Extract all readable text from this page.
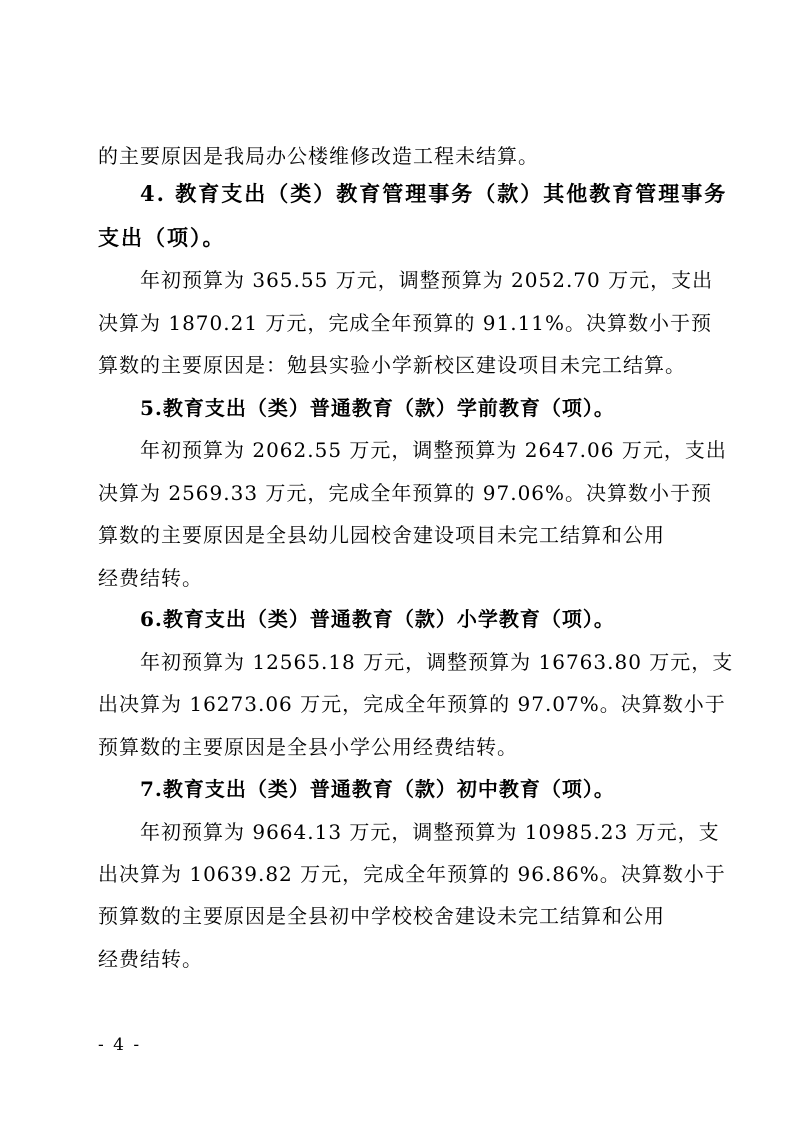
的主要原因是我局办公楼维修改造工程未结算。
4. 教育支出（类）教育管理事务（款）其他教育管理事务
支出（项）。
年初预算为 365.55 万元，调整预算为 2052.70 万元，支出
决算为 1870.21 万元，完成全年预算的 91.11%。决算数小于预
算数的主要原因是：勉县实验小学新校区建设项目未完工结算。
5.教育支出（类）普通教育（款）学前教育（项）。
年初预算为 2062.55 万元，调整预算为 2647.06 万元，支出
决算为 2569.33 万元，完成全年预算的 97.06%。决算数小于预
算数的主要原因是全县幼儿园校舍建设项目未完工结算和公用
经费结转。
6.教育支出（类）普通教育（款）小学教育（项）。
年初预算为 12565.18 万元，调整预算为 16763.80 万元，支
出决算为 16273.06 万元，完成全年预算的 97.07%。决算数小于
预算数的主要原因是全县小学公用经费结转。
7.教育支出（类）普通教育（款）初中教育（项）。
年初预算为 9664.13 万元，调整预算为 10985.23 万元，支
出决算为 10639.82 万元，完成全年预算的 96.86%。决算数小于
预算数的主要原因是全县初中学校校舍建设未完工结算和公用
经费结转。
- 4 -
